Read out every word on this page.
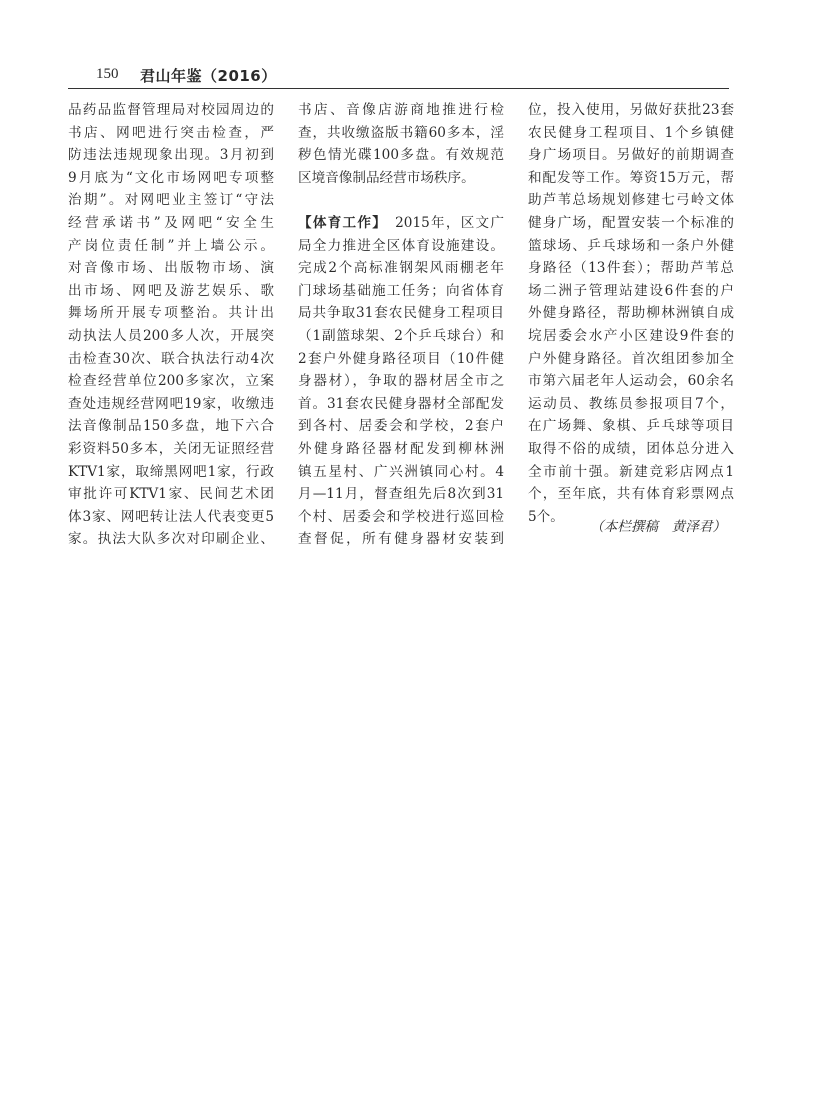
150 君山年鉴（2016）

品药品监督管理局对校园周边的

书店、网吧进行突击检查，严

防违法违规现象出现。3月初到

9月底为“文化市场网吧专项整

治期”。对网吧业主签订“守法

经营承诺书”及网吧“安全生

产岗位责任制”并上墙公示。

对音像市场、出版物市场、演

出市场、网吧及游艺娱乐、歌

舞场所开展专项整治。共计出

动执法人员200多人次，开展突

击检查30次、联合执法行动4次

检查经营单位200多家次，立案

查处违规经营网吧19家，收缴违

法音像制品150多盘，地下六合

彩资料50多本，关闭无证照经营

KTV1家，取缔黑网吧1家，行政

审批许可KTV1家、民间艺术团

体3家、网吧转让法人代表变更5

家。执法大队多次对印刷企业、

书店、音像店游商地推进行检

查，共收缴盗版书籍60多本，淫

秽色情光碟100多盘。有效规范

区境音像制品经营市场秩序。

【体育工作】　2015年，区文广

局全力推进全区体育设施建设。

完成2个高标准钢架风雨棚老年

门球场基础施工任务；向省体育

局共争取31套农民健身工程项目

（1副篮球架、2个乒乓球台）和

2套户外健身路径项目（10件健

身器材），争取的器材居全市之

首。31套农民健身器材全部配发

到各村、居委会和学校，2套户

外健身路径器材配发到柳林洲

镇五星村、广兴洲镇同心村。4

月—11月，督查组先后8次到31

个村、居委会和学校进行巡回检

查督促，所有健身器材安装到

位，投入使用，另做好获批23套

农民健身工程项目、1个乡镇健

身广场项目。另做好的前期调查

和配发等工作。筹资15万元，帮

助芦苇总场规划修建七弓岭文体

健身广场，配置安装一个标准的

篮球场、乒乓球场和一条户外健

身路径（13件套）；帮助芦苇总

场二洲子管理站建设6件套的户

外健身路径，帮助柳林洲镇自成

垸居委会水产小区建设9件套的

户外健身路径。首次组团参加全

市第六届老年人运动会，60余名

运动员、教练员参报项目7个，

在广场舞、象棋、乒乓球等项目

取得不俗的成绩，团体总分进入

全市前十强。新建竞彩店网点1

个，至年底，共有体育彩票网点

5个。

（本栏撰稿　黄泽君）
